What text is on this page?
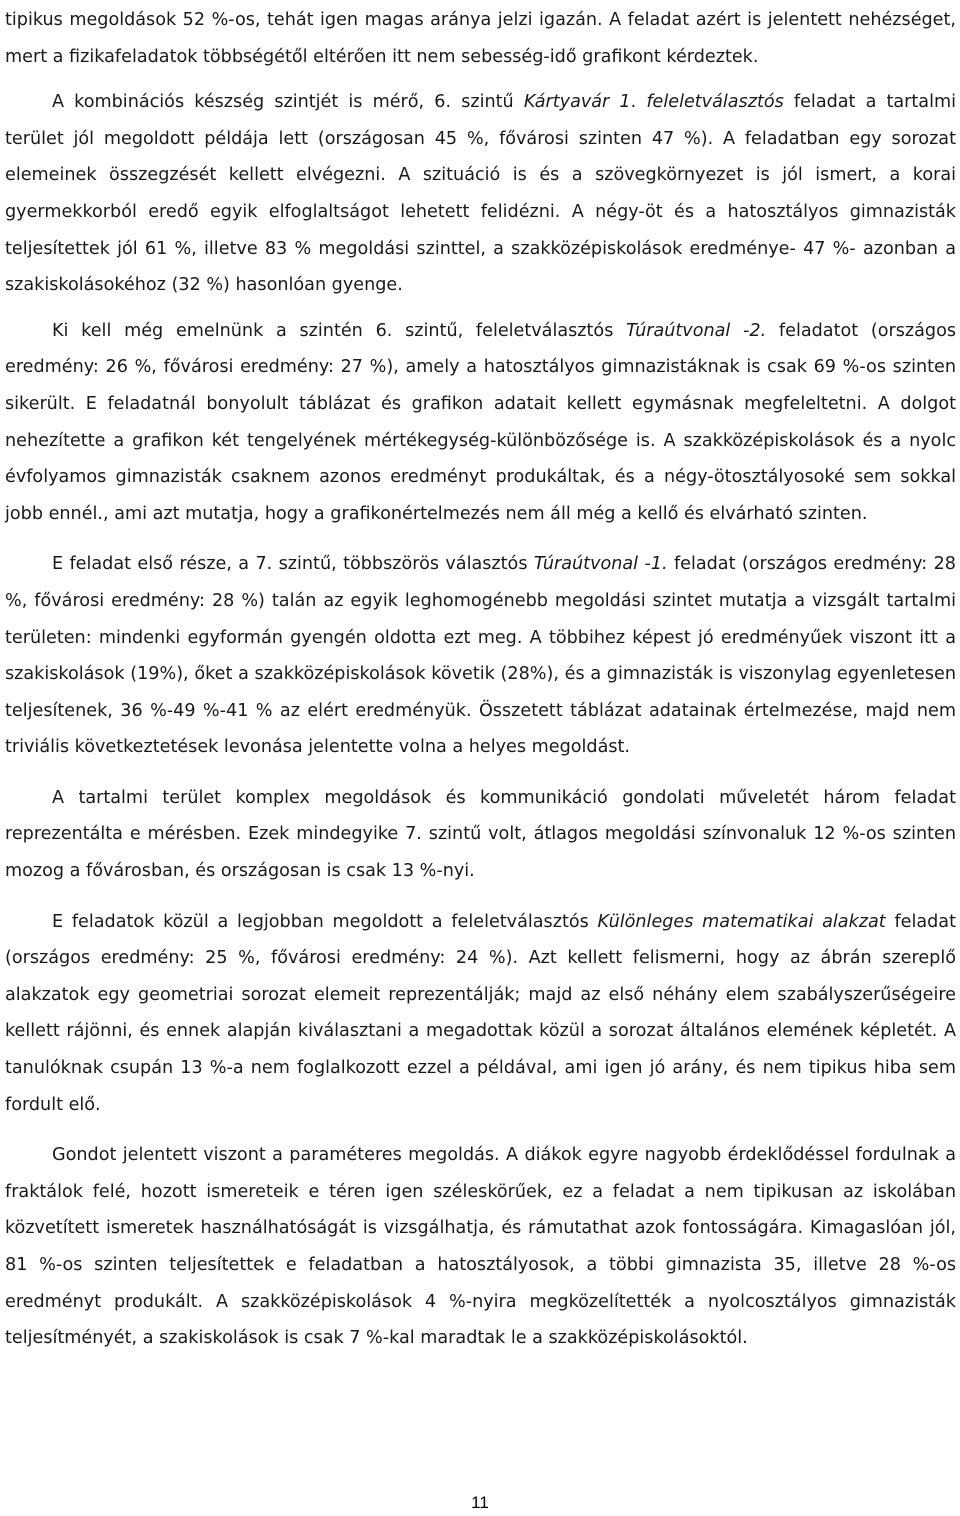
tipikus megoldások 52 %-os, tehát igen magas aránya jelzi igazán. A feladat azért is jelentett nehézséget, mert a fizikafeladatok többségétől eltérően itt nem sebesség-idő grafikont kérdeztek.
A kombinációs készség szintjét is mérő, 6. szintű Kártyavár 1. feleletválasztós feladat a tartalmi terület jól megoldott példája lett (országosan 45 %, fővárosi szinten 47 %). A feladatban egy sorozat elemeinek összegzését kellett elvégezni. A szituáció is és a szövegkörnyezet is jól ismert, a korai gyermekkorból eredő egyik elfoglaltságot lehetett felidézni. A négy-öt és a hatosztályos gimnazisták teljesítettek jól 61 %, illetve 83 % megoldási szinttel, a szakközépiskolások eredménye- 47 %- azonban a szakiskolásokéhoz (32 %) hasonlóan gyenge.
Ki kell még emelnünk a szintén 6. szintű, feleletválasztós Túraútvonal -2. feladatot (országos eredmény: 26 %, fővárosi eredmény: 27 %), amely a hatosztályos gimnazistáknak is csak 69 %-os szinten sikerült. E feladatnál bonyolult táblázat és grafikon adatait kellett egymásnak megfeleltetni. A dolgot nehezítette a grafikon két tengelyének mértékegység-különbözősége is. A szakközépiskolások és a nyolc évfolyamos gimnazisták csaknem azonos eredményt produkáltak, és a négy-ötosztályosoké sem sokkal jobb ennél., ami azt mutatja, hogy a grafikonértelmezés nem áll még a kellő és elvárható szinten.
E feladat első része, a 7. szintű, többszörös választós Túraútvonal -1. feladat (országos eredmény: 28 %, fővárosi eredmény: 28 %) talán az egyik leghomogénebb megoldási szintet mutatja a vizsgált tartalmi területen: mindenki egyformán gyengén oldotta ezt meg. A többihez képest jó eredményűek viszont itt a szakiskolások (19%), őket a szakközépiskolások követik (28%), és a gimnazisták is viszonylag egyenletesen teljesítenek, 36 %-49 %-41 % az elért eredményük. Összetett táblázat adatainak értelmezése, majd nem triviális következtetések levonása jelentette volna a helyes megoldást.
A tartalmi terület komplex megoldások és kommunikáció gondolati műveletét három feladat reprezentálta e mérésben. Ezek mindegyike 7. szintű volt, átlagos megoldási színvonaluk 12 %-os szinten mozog a fővárosban, és országosan is csak 13 %-nyi.
E feladatok közül a legjobban megoldott a feleletválasztós Különleges matematikai alakzat feladat (országos eredmény: 25 %, fővárosi eredmény: 24 %). Azt kellett felismerni, hogy az ábrán szereplő alakzatok egy geometriai sorozat elemeit reprezentálják; majd az első néhány elem szabályszerűségeire kellett rájönni, és ennek alapján kiválasztani a megadottak közül a sorozat általános elemének képletét. A tanulóknak csupán 13 %-a nem foglalkozott ezzel a példával, ami igen jó arány, és nem tipikus hiba sem fordult elő.
Gondot jelentett viszont a paraméteres megoldás. A diákok egyre nagyobb érdeklődéssel fordulnak a fraktálok felé, hozott ismereteik e téren igen széleskörűek, ez a feladat a nem tipikusan az iskolában közvetített ismeretek használhatóságát is vizsgálhatja, és rámutathat azok fontosságára. Kimagaslóan jól, 81 %-os szinten teljesítettek e feladatban a hatosztályosok, a többi gimnazista 35, illetve 28 %-os eredményt produkált. A szakközépiskolások 4 %-nyira megközelítették a nyolcosztályos gimnazisták teljesítményét, a szakiskolások is csak 7 %-kal maradtak le a szakközépiskolásoktól.
11
